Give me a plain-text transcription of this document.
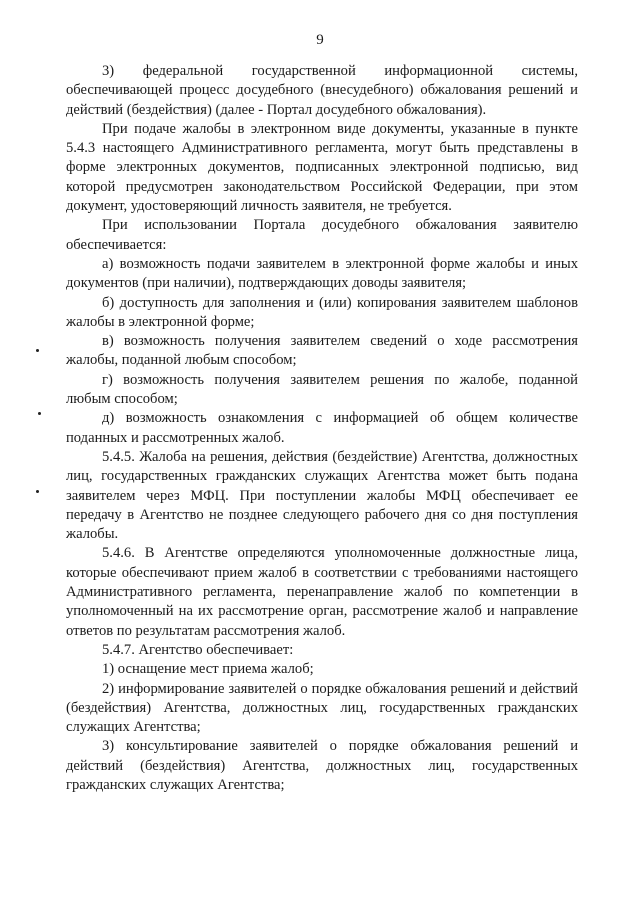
9

3) федеральной государственной информационной системы, обеспечивающей процесс досудебного (внесудебного) обжалования решений и действий (бездействия) (далее - Портал досудебного обжалования).

При подаче жалобы в электронном виде документы, указанные в пункте 5.4.3 настоящего Административного регламента, могут быть представлены в форме электронных документов, подписанных электронной подписью, вид которой предусмотрен законодательством Российской Федерации, при этом документ, удостоверяющий личность заявителя, не требуется.

При использовании Портала досудебного обжалования заявителю обеспечивается:

а) возможность подачи заявителем в электронной форме жалобы и иных документов (при наличии), подтверждающих доводы заявителя;

б) доступность для заполнения и (или) копирования заявителем шаблонов жалобы в электронной форме;

в) возможность получения заявителем сведений о ходе рассмотрения жалобы, поданной любым способом;

г) возможность получения заявителем решения по жалобе, поданной любым способом;

д) возможность ознакомления с информацией об общем количестве поданных и рассмотренных жалоб.

5.4.5. Жалоба на решения, действия (бездействие) Агентства, должностных лиц, государственных гражданских служащих Агентства может быть подана заявителем через МФЦ. При поступлении жалобы МФЦ обеспечивает ее передачу в Агентство не позднее следующего рабочего дня со дня поступления жалобы.

5.4.6. В Агентстве определяются уполномоченные должностные лица, которые обеспечивают прием жалоб в соответствии с требованиями настоящего Административного регламента, перенаправление жалоб по компетенции в уполномоченный на их рассмотрение орган, рассмотрение жалоб и направление ответов по результатам рассмотрения жалоб.

5.4.7. Агентство обеспечивает:

1) оснащение мест приема жалоб;

2) информирование заявителей о порядке обжалования решений и действий (бездействия) Агентства, должностных лиц, государственных гражданских служащих Агентства;

3) консультирование заявителей о порядке обжалования решений и действий (бездействия) Агентства, должностных лиц, государственных гражданских служащих Агентства;
